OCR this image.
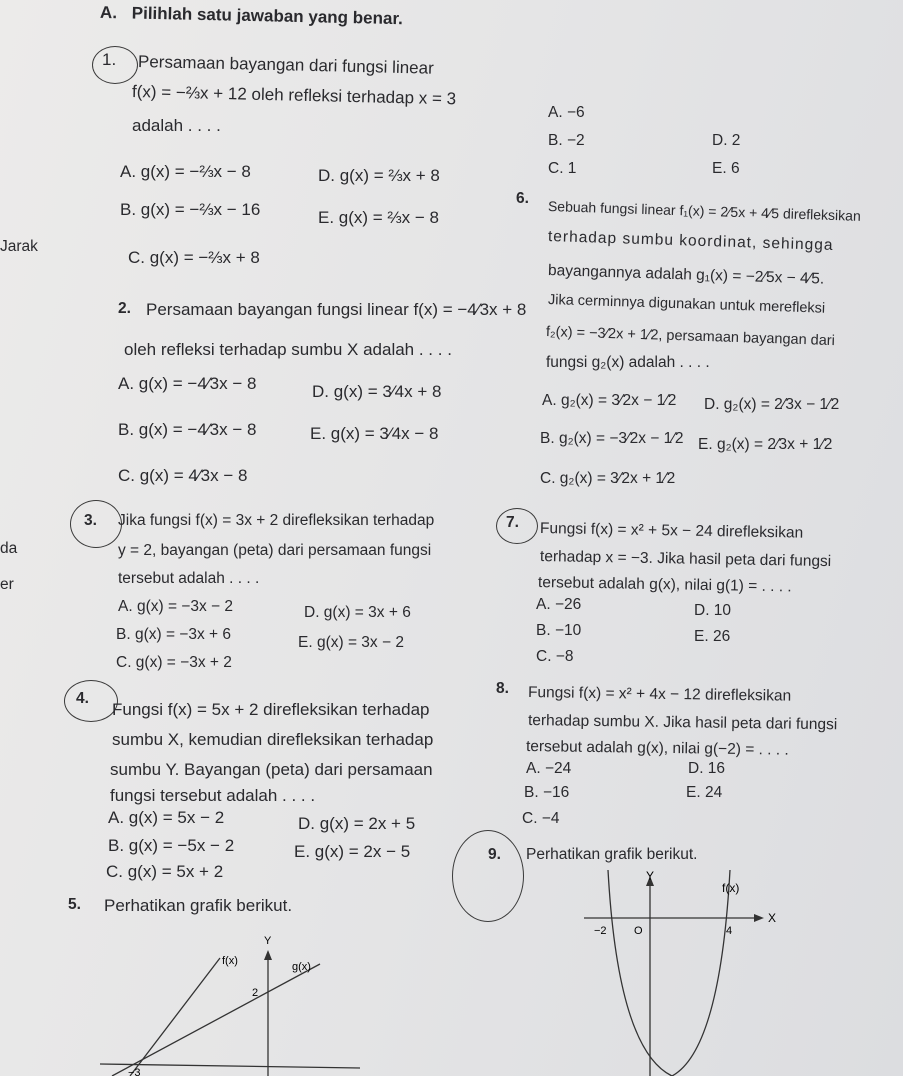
A. Pilihlah satu jawaban yang benar.
Jarak
da
er
1. Persamaan bayangan dari fungsi linear
f(x) = −⅔x + 12 oleh refleksi terhadap x = 3
adalah . . . .
A. g(x) = −⅔x − 8
B. g(x) = −⅔x − 16
C. g(x) = −⅔x + 8
D. g(x) = ⅔x + 8
E. g(x) = ⅔x − 8
A. −6
B. −2
C. 1
D. 2
E. 6
6. Sebuah fungsi linear f₁(x) = 2⁄5x + 4⁄5 direfleksikan
terhadap sumbu koordinat, sehingga
bayangannya adalah g₁(x) = −2⁄5x − 4⁄5.
Jika cerminnya digunakan untuk merefleksi
f₂(x) = −3⁄2x + 1⁄2, persamaan bayangan dari
fungsi g₂(x) adalah . . . .
A. g₂(x) = 3⁄2x − 1⁄2
B. g₂(x) = −3⁄2x − 1⁄2
C. g₂(x) = 3⁄2x + 1⁄2
D. g₂(x) = 2⁄3x − 1⁄2
E. g₂(x) = 2⁄3x + 1⁄2
2. Persamaan bayangan fungsi linear f(x) = −4⁄3x + 8
oleh refleksi terhadap sumbu X adalah . . . .
A. g(x) = −4⁄3x − 8
B. g(x) = −4⁄3x − 8
C. g(x) = 4⁄3x − 8
D. g(x) = 3⁄4x + 8
E. g(x) = 3⁄4x − 8
3. Jika fungsi f(x) = 3x + 2 direfleksikan terhadap
y = 2, bayangan (peta) dari persamaan fungsi
tersebut adalah . . . .
A. g(x) = −3x − 2
B. g(x) = −3x + 6
C. g(x) = −3x + 2
D. g(x) = 3x + 6
E. g(x) = 3x − 2
7. Fungsi f(x) = x² + 5x − 24 direfleksikan
terhadap x = −3. Jika hasil peta dari fungsi
tersebut adalah g(x), nilai g(1) = . . . .
A. −26
B. −10
C. −8
D. 10
E. 26
4.
Fungsi f(x) = 5x + 2 direfleksikan terhadap
sumbu X, kemudian direfleksikan terhadap
sumbu Y. Bayangan (peta) dari persamaan
fungsi tersebut adalah . . . .
A. g(x) = 5x − 2
B. g(x) = −5x − 2
C. g(x) = 5x + 2
D. g(x) = 2x + 5
E. g(x) = 2x − 5
8. Fungsi f(x) = x² + 4x − 12 direfleksikan
terhadap sumbu X. Jika hasil peta dari fungsi
tersebut adalah g(x), nilai g(−2) = . . . .
A. −24
B. −16
C. −4
D. 16
E. 24
9. Perhatikan grafik berikut.
Y
f(x)
X
−2 O	4
5. Perhatikan grafik berikut.
Y
f(x)	g(x)
2
−3
